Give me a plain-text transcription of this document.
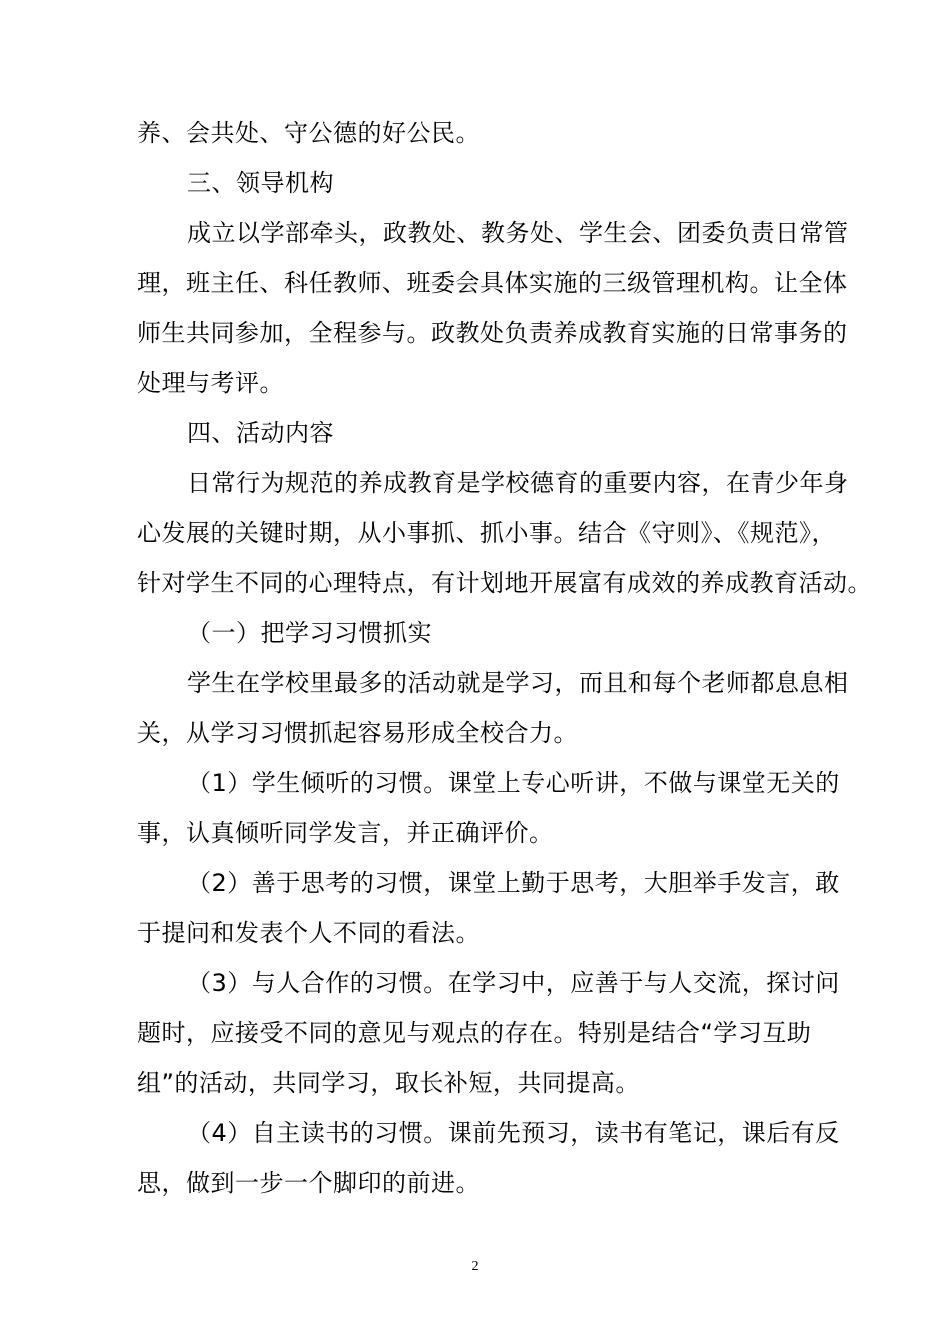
养、会共处、守公德的好公民。
三、领导机构
成立以学部牵头，政教处、教务处、学生会、团委负责日常管
理，班主任、科任教师、班委会具体实施的三级管理机构。让全体
师生共同参加，全程参与。政教处负责养成教育实施的日常事务的
处理与考评。
四、活动内容
日常行为规范的养成教育是学校德育的重要内容，在青少年身
心发展的关键时期，从小事抓、抓小事。结合《守则》、《规范》，
针对学生不同的心理特点，有计划地开展富有成效的养成教育活动。
（一）把学习习惯抓实
学生在学校里最多的活动就是学习，而且和每个老师都息息相
关，从学习习惯抓起容易形成全校合力。
（1）学生倾听的习惯。课堂上专心听讲，不做与课堂无关的
事，认真倾听同学发言，并正确评价。
（2）善于思考的习惯，课堂上勤于思考，大胆举手发言，敢
于提问和发表个人不同的看法。
（3）与人合作的习惯。在学习中，应善于与人交流，探讨问
题时，应接受不同的意见与观点的存在。特别是结合“学习互助
组”的活动，共同学习，取长补短，共同提高。
（4）自主读书的习惯。课前先预习，读书有笔记，课后有反
思，做到一步一个脚印的前进。
2
